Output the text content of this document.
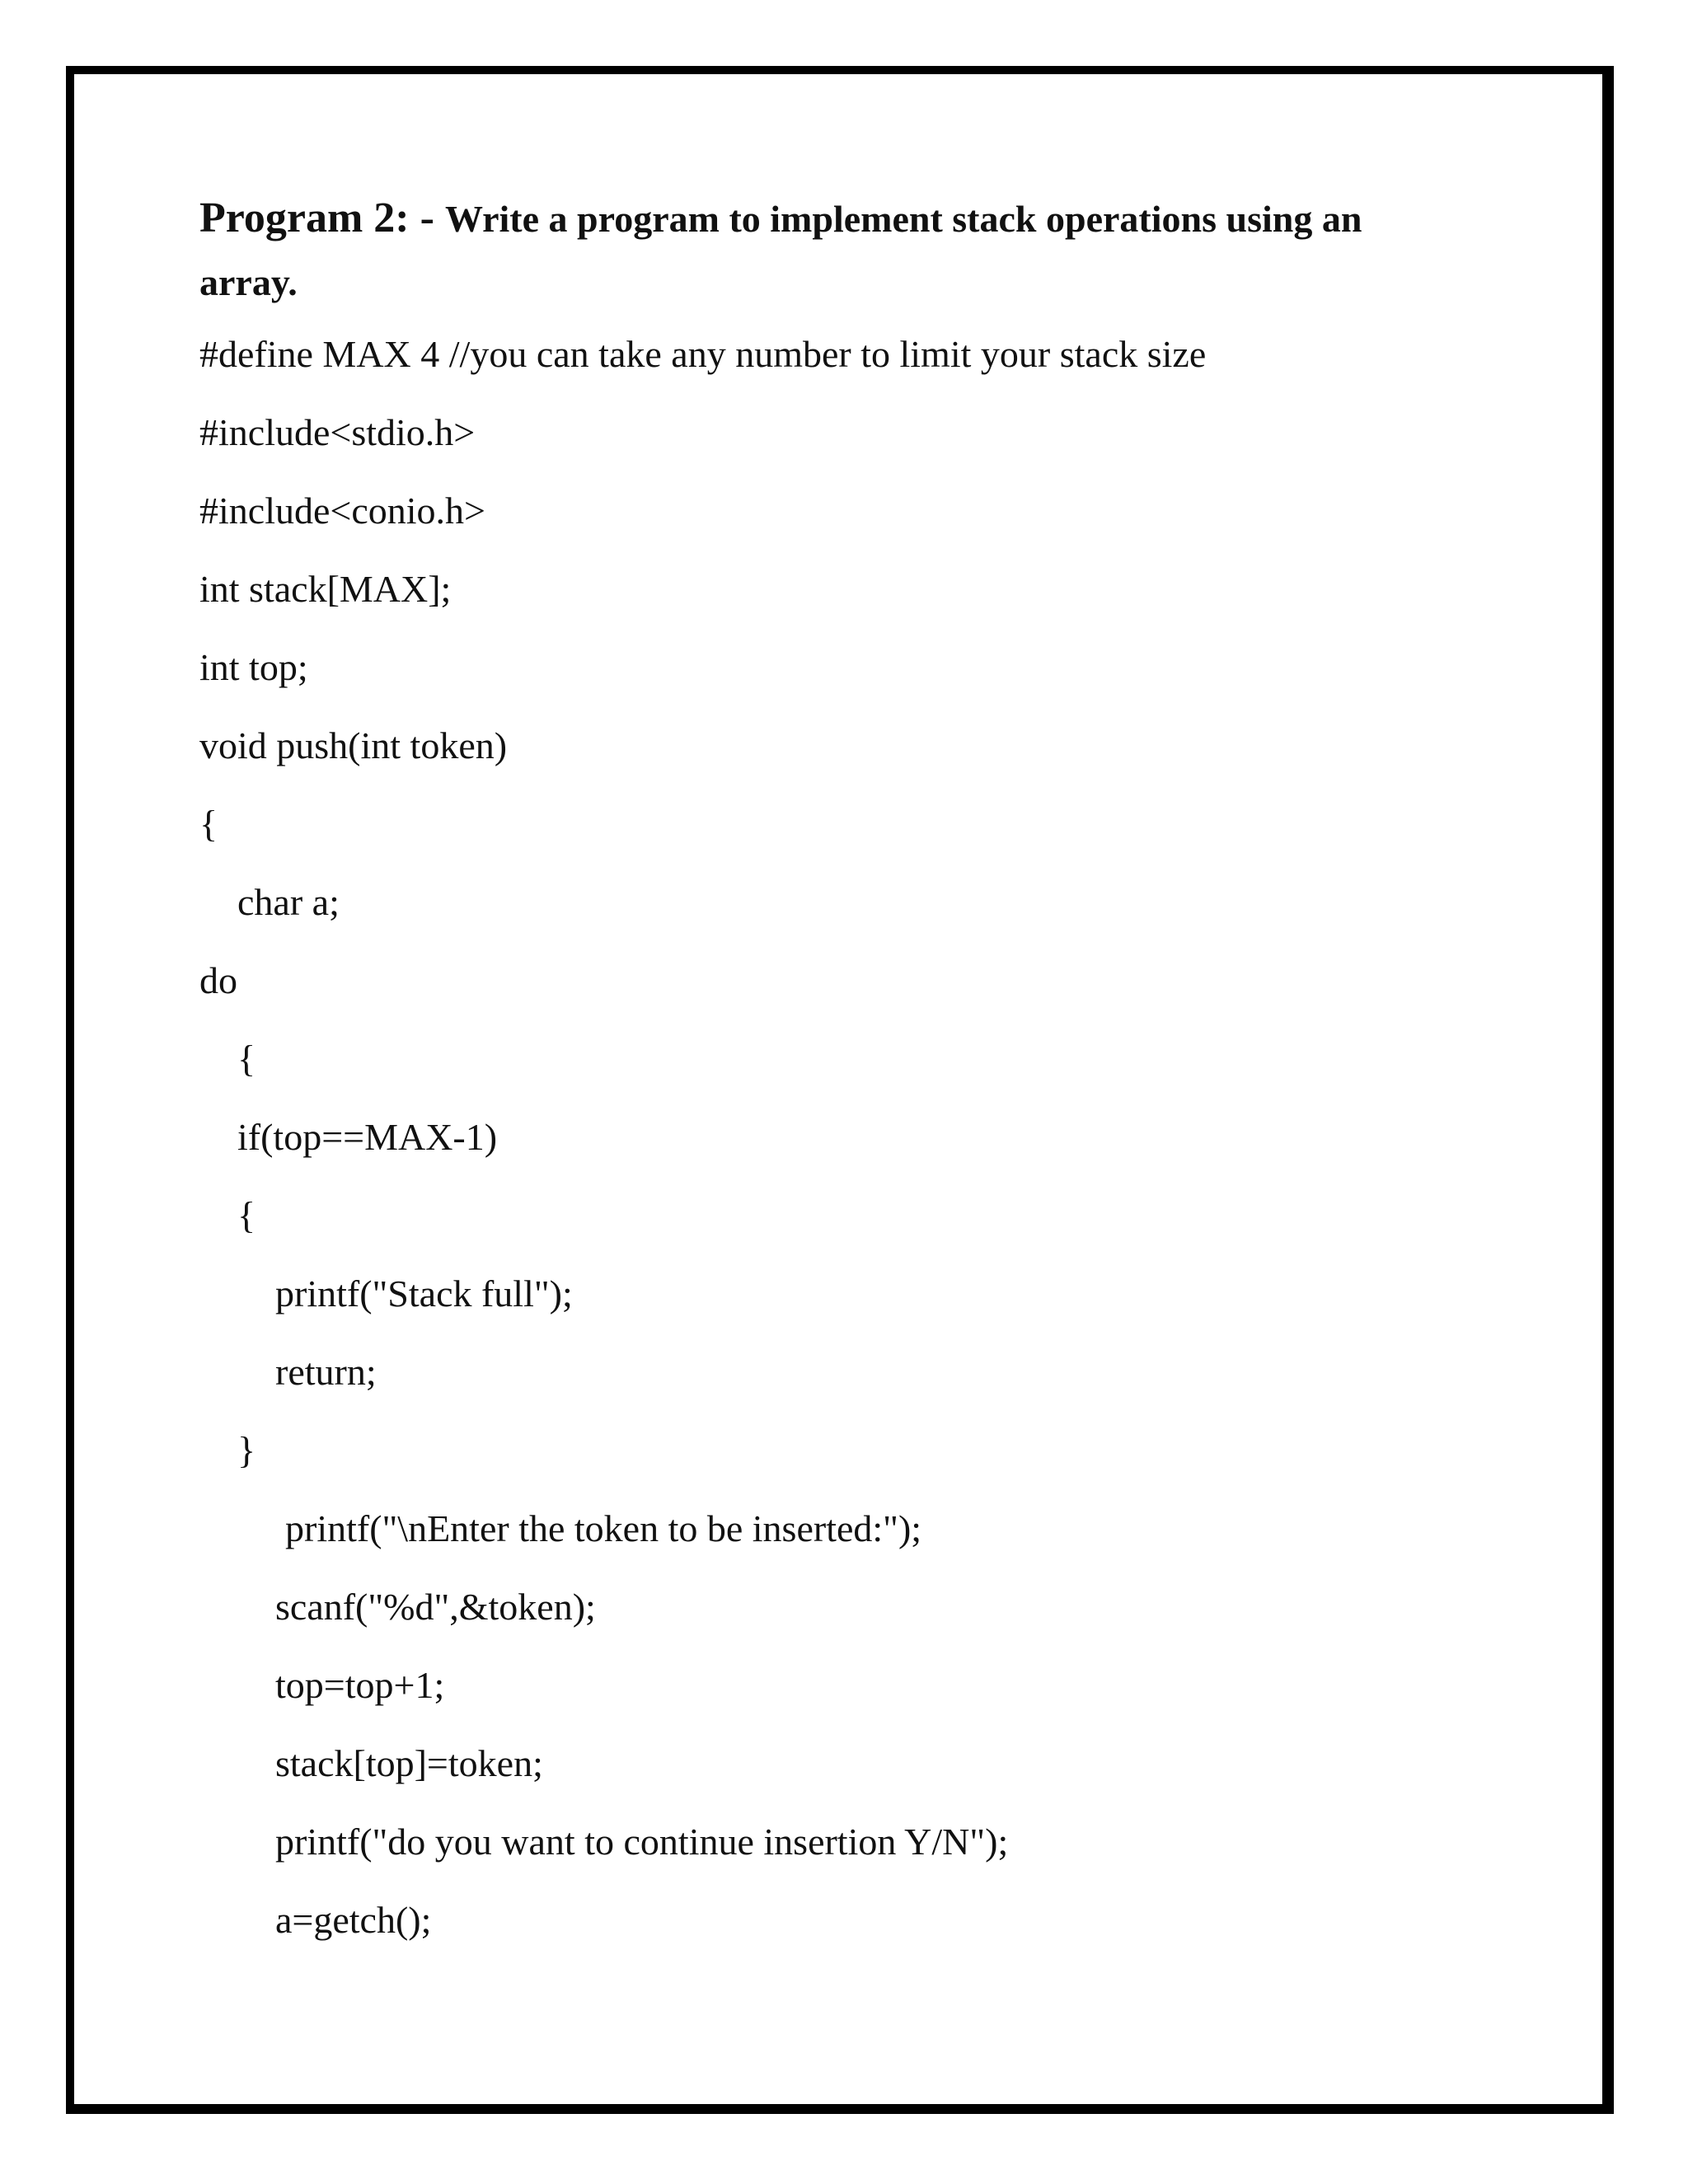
Program 2: - Write a program to implement stack operations using an array.
#define MAX 4 //you can take any number to limit your stack size
#include<stdio.h>
#include<conio.h>
int stack[MAX];
int top;
void push(int token)
{
char a;
do
{
if(top==MAX-1)
{
printf("Stack full");
return;
}
printf("\nEnter the token to be inserted:");
scanf("%d",&token);
top=top+1;
stack[top]=token;
printf("do you want to continue insertion Y/N");
a=getch();
